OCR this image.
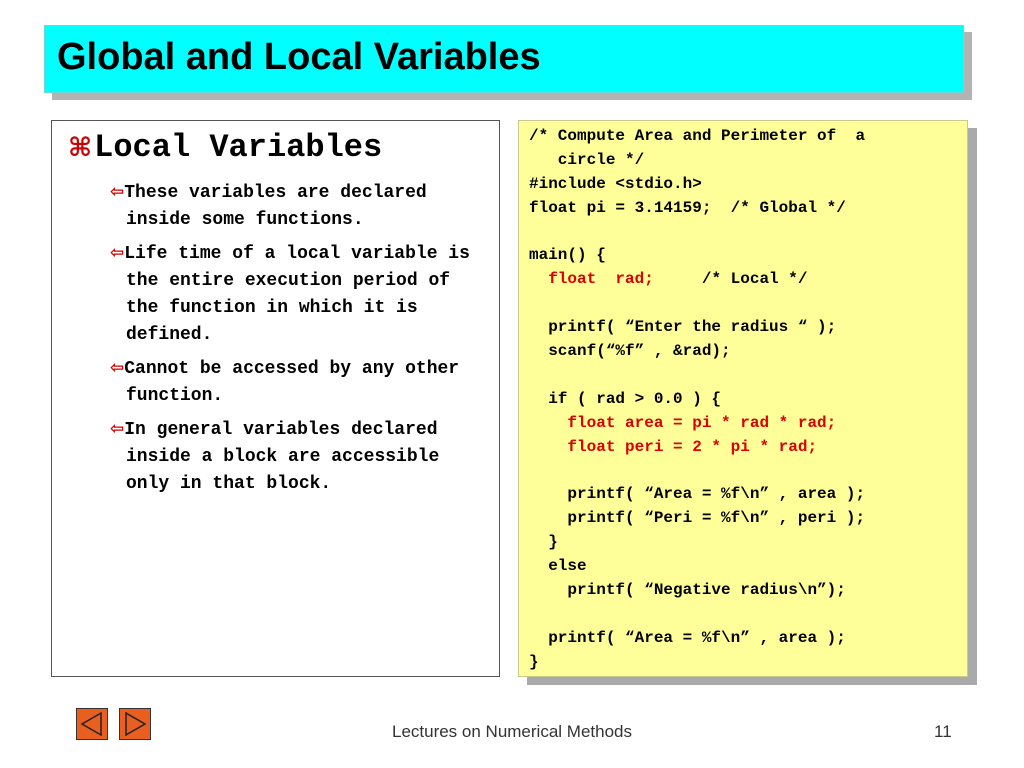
Global and Local Variables
⌘Local Variables
⇦These variables are declared inside some functions.
⇦Life time of a local variable is the entire execution period of the function in which it is defined.
⇦Cannot be accessed by any other function.
⇦In general variables declared inside a block are accessible only in that block.
/* Compute Area and Perimeter of  a
circle */
#include <stdio.h>
float pi = 3.14159;  /* Global */
main() {
float  rad;     /* Local */
printf( “Enter the radius “ );
scanf(“%f” , &rad);
if ( rad > 0.0 ) {
float area = pi * rad * rad;
float peri = 2 * pi * rad;
printf( “Area = %f\n” , area );
printf( “Peri = %f\n” , peri );
}
else
printf( “Negative radius\n”);
printf( “Area = %f\n” , area );
}
Lectures on Numerical Methods	11
